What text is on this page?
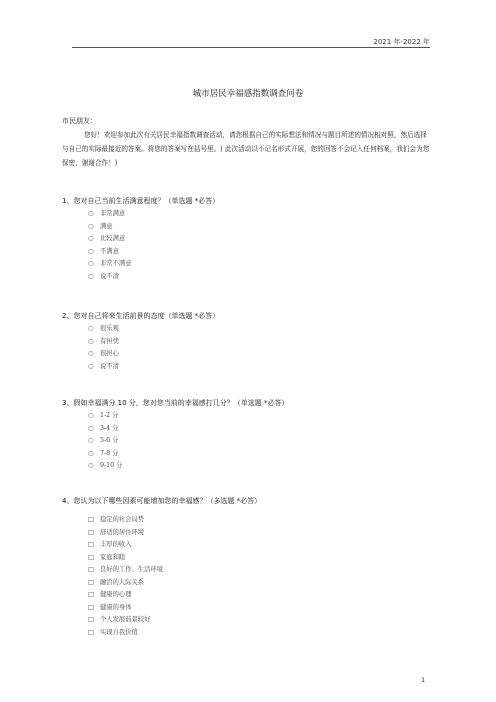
2021 年-2022 年
城市居民幸福感指数调查问卷
市民朋友：
您好！欢迎参加此次有关居民幸福指数调查活动，请您根据自己的实际想法和情况与题目所述的情况相对照，然后选择与自己的实际最接近的答案。将您的答案写在括号里。( 此次活动以不记名形式开展，您的回答不会记入任何档案，我们会为您保密，谢谢合作！)
1、您对自己当前生活满意程度？（单选题 *必答）
○ 非常满意
○ 满意
○ 比较满意
○ 不满意
○ 非常不满意
○ 说不清
2、您对自己将来生活前景的态度（单选题 *必答）
○ 很乐观
○ 有担忧
○ 很担心
○ 说不清
3、假如幸福满分 10 分，您对您当前的幸福感打几分？（单选题 *必答）
○ 1-2 分
○ 3-4 分
○ 5-6 分
○ 7-8 分
○ 9-10 分
4、您认为以下哪些因素可能增加您的幸福感？（多选题 *必答）
□ 稳定的社会局势
□ 舒适的居住环境
□ 丰厚的收入
□ 家庭和睦
□ 良好的工作、生活环境
□ 融洽的人际关系
□ 健康的心理
□ 健康的身体
□ 个人发展前景较好
□ 实现自我价值
1
